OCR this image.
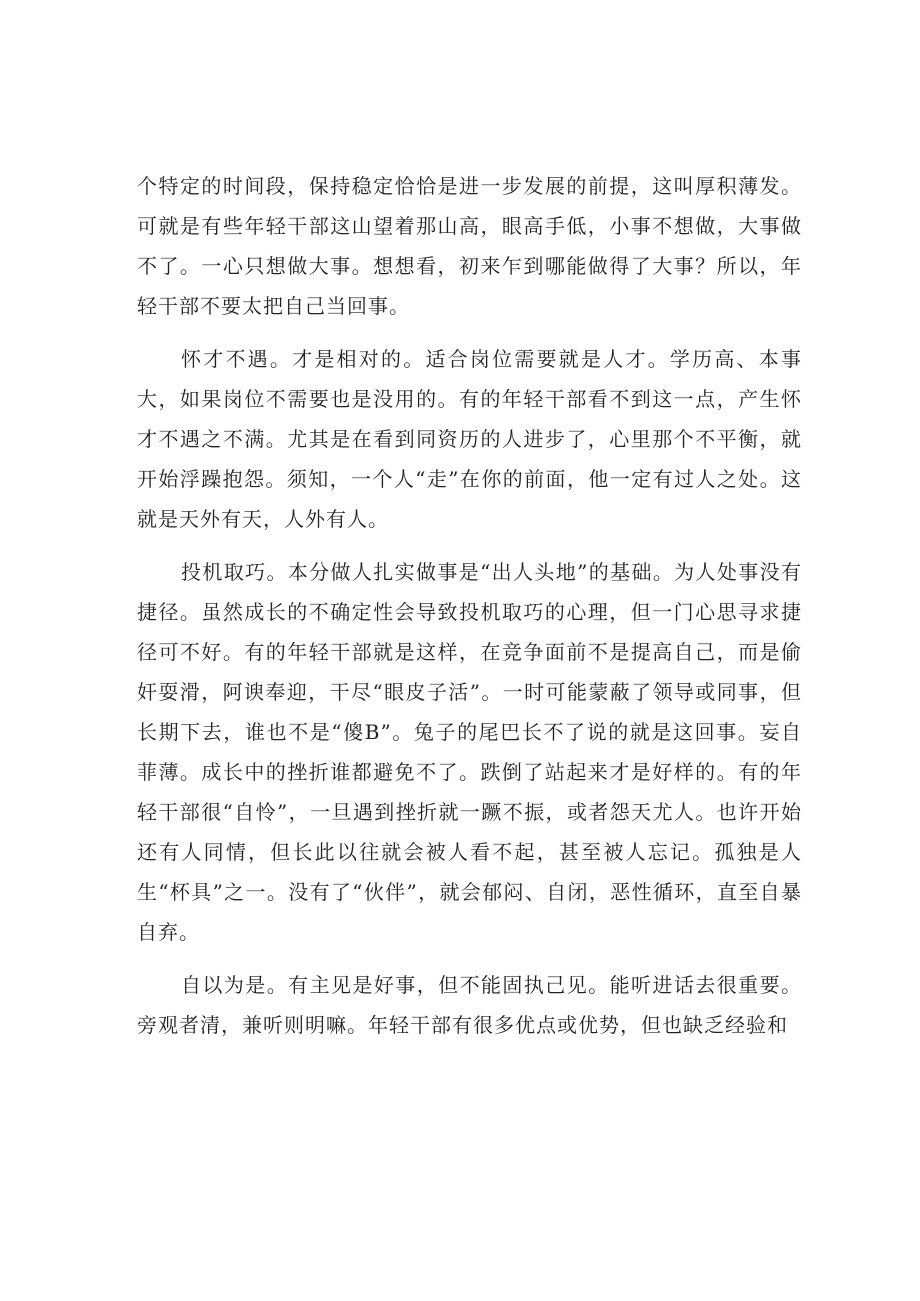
个特定的时间段，保持稳定恰恰是进一步发展的前提，这叫厚积薄发。可就是有些年轻干部这山望着那山高，眼高手低，小事不想做，大事做不了。一心只想做大事。想想看，初来乍到哪能做得了大事？所以，年轻干部不要太把自己当回事。

怀才不遇。才是相对的。适合岗位需要就是人才。学历高、本事大，如果岗位不需要也是没用的。有的年轻干部看不到这一点，产生怀才不遇之不满。尤其是在看到同资历的人进步了，心里那个不平衡，就开始浮躁抱怨。须知，一个人“走”在你的前面，他一定有过人之处。这就是天外有天，人外有人。

投机取巧。本分做人扎实做事是“出人头地”的基础。为人处事没有捷径。虽然成长的不确定性会导致投机取巧的心理，但一门心思寻求捷径可不好。有的年轻干部就是这样，在竞争面前不是提高自己，而是偷奸耍滑，阿谀奉迎，干尽“眼皮子活”。一时可能蒙蔽了领导或同事，但长期下去，谁也不是“傻B”。兔子的尾巴长不了说的就是这回事。妄自菲薄。成长中的挫折谁都避免不了。跌倒了站起来才是好样的。有的年轻干部很“自怜”，一旦遇到挫折就一蹶不振，或者怨天尤人。也许开始还有人同情，但长此以往就会被人看不起，甚至被人忘记。孤独是人生“杯具”之一。没有了“伙伴”，就会郁闷、自闭，恶性循环，直至自暴自弃。

自以为是。有主见是好事，但不能固执己见。能听进话去很重要。旁观者清，兼听则明嘛。年轻干部有很多优点或优势，但也缺乏经验和
